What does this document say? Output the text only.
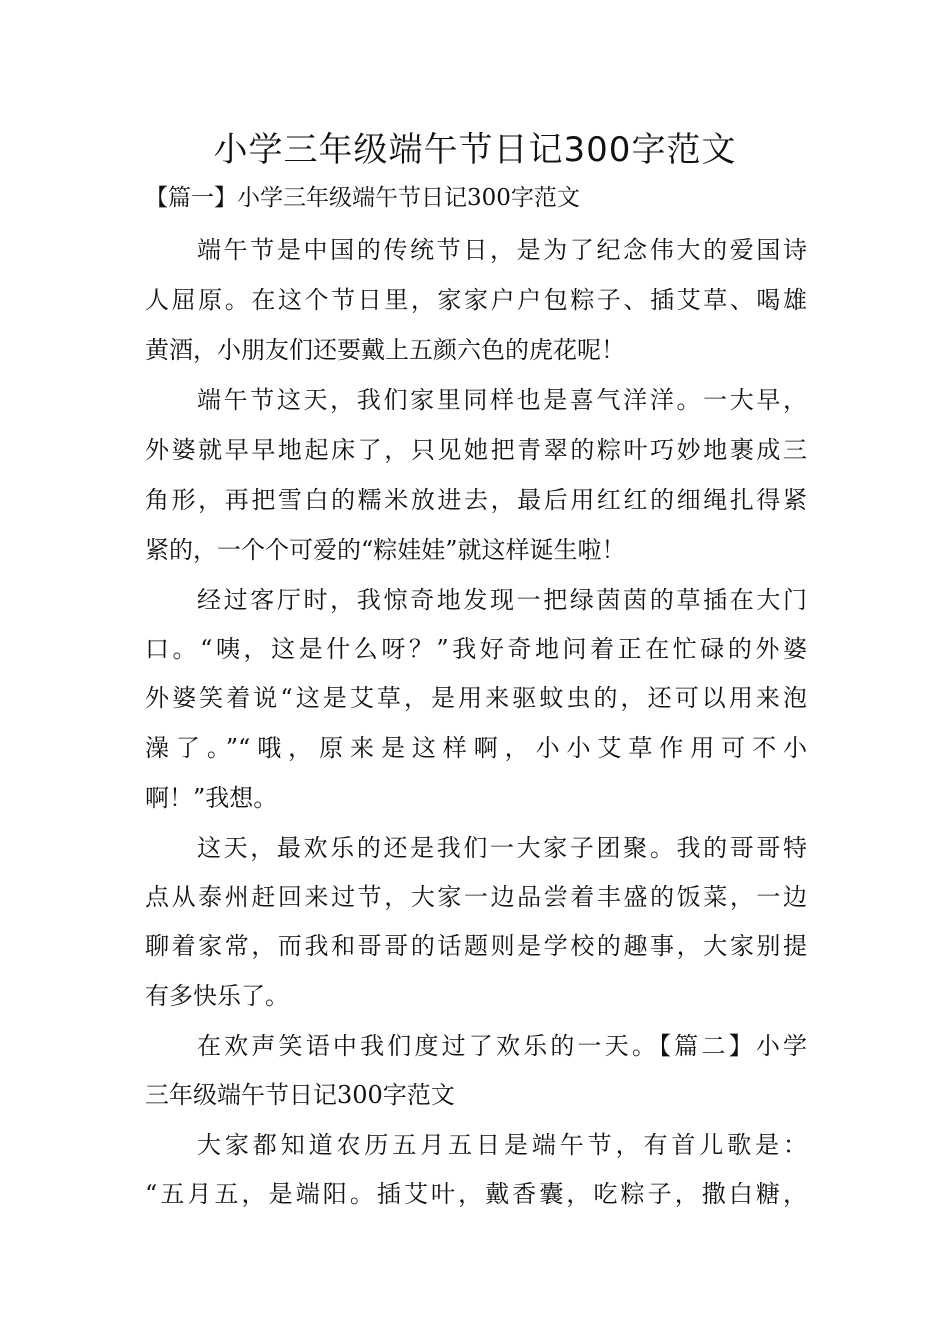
小学三年级端午节日记300字范文
【篇一】小学三年级端午节日记300字范文
端午节是中国的传统节日，是为了纪念伟大的爱国诗
人屈原。在这个节日里，家家户户包粽子、插艾草、喝雄
黄酒，小朋友们还要戴上五颜六色的虎花呢！
端午节这天，我们家里同样也是喜气洋洋。一大早，
外婆就早早地起床了，只见她把青翠的粽叶巧妙地裹成三
角形，再把雪白的糯米放进去，最后用红红的细绳扎得紧
紧的，一个个可爱的“粽娃娃”就这样诞生啦！
经过客厅时，我惊奇地发现一把绿茵茵的草插在大门
口。“咦，这是什么呀？”我好奇地问着正在忙碌的外婆
外婆笑着说“这是艾草，是用来驱蚊虫的，还可以用来泡
澡了。”“哦，原来是这样啊，小小艾草作用可不小
啊！”我想。
这天，最欢乐的还是我们一大家子团聚。我的哥哥特
点从泰州赶回来过节，大家一边品尝着丰盛的饭菜，一边
聊着家常，而我和哥哥的话题则是学校的趣事，大家别提
有多快乐了。
在欢声笑语中我们度过了欢乐的一天。【篇二】小学
三年级端午节日记300字范文
大家都知道农历五月五日是端午节，有首儿歌是：
“五月五，是端阳。插艾叶，戴香囊，吃粽子，撒白糖，
